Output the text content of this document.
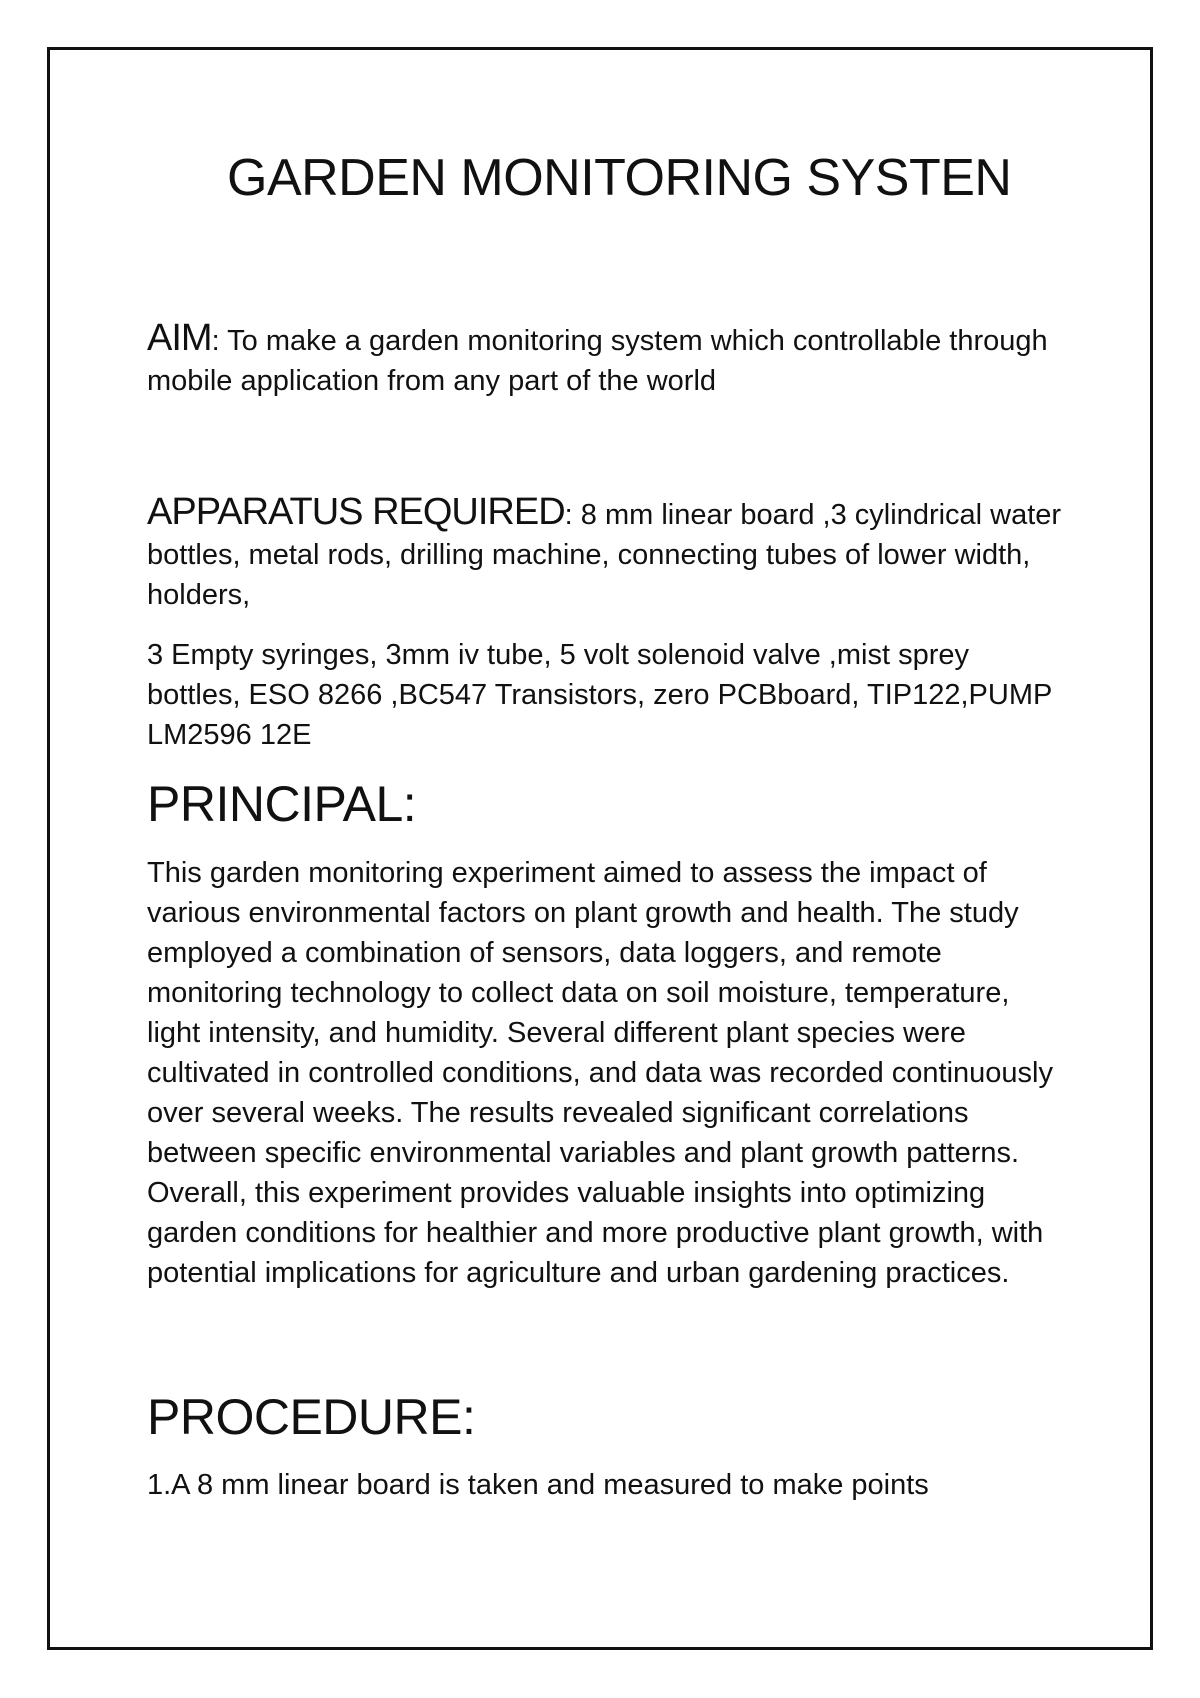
GARDEN MONITORING SYSTEN

AIM: To make a garden monitoring system which controllable through mobile application from any part of the world

APPARATUS REQUIRED: 8 mm linear board ,3 cylindrical water bottles, metal rods, drilling machine, connecting tubes of lower width, holders,

3 Empty syringes, 3mm iv tube, 5 volt solenoid valve ,mist sprey bottles, ESO 8266 ,BC547 Transistors, zero PCBboard, TIP122,PUMP LM2596 12E

PRINCIPAL:

This garden monitoring experiment aimed to assess the impact of various environmental factors on plant growth and health. The study employed a combination of sensors, data loggers, and remote monitoring technology to collect data on soil moisture, temperature, light intensity, and humidity. Several different plant species were cultivated in controlled conditions, and data was recorded continuously over several weeks. The results revealed significant correlations between specific environmental variables and plant growth patterns. Overall, this experiment provides valuable insights into optimizing garden conditions for healthier and more productive plant growth, with potential implications for agriculture and urban gardening practices.

PROCEDURE:

1.A 8 mm linear board is taken and measured to make points
